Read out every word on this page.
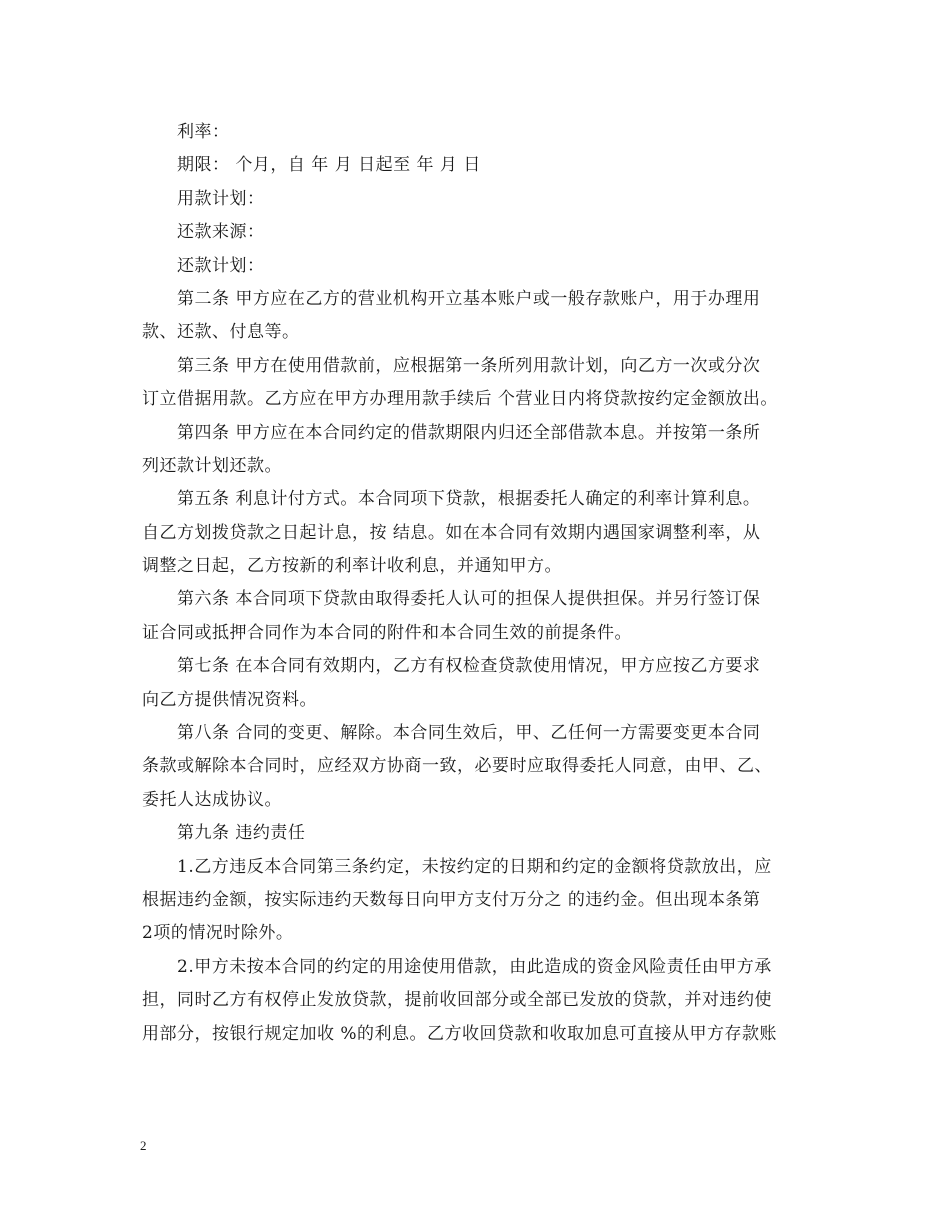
利率：
期限： 个月，自 年 月 日起至 年 月 日
用款计划：
还款来源：
还款计划：
第二条 甲方应在乙方的营业机构开立基本账户或一般存款账户，用于办理用
款、还款、付息等。
第三条 甲方在使用借款前，应根据第一条所列用款计划，向乙方一次或分次
订立借据用款。乙方应在甲方办理用款手续后 个营业日内将贷款按约定金额放出。
第四条 甲方应在本合同约定的借款期限内归还全部借款本息。并按第一条所
列还款计划还款。
第五条 利息计付方式。本合同项下贷款，根据委托人确定的利率计算利息。
自乙方划拨贷款之日起计息，按 结息。如在本合同有效期内遇国家调整利率，从
调整之日起，乙方按新的利率计收利息，并通知甲方。
第六条 本合同项下贷款由取得委托人认可的担保人提供担保。并另行签订保
证合同或抵押合同作为本合同的附件和本合同生效的前提条件。
第七条 在本合同有效期内，乙方有权检查贷款使用情况，甲方应按乙方要求
向乙方提供情况资料。
第八条 合同的变更、解除。本合同生效后，甲、乙任何一方需要变更本合同
条款或解除本合同时，应经双方协商一致，必要时应取得委托人同意，由甲、乙、
委托人达成协议。
第九条 违约责任
1.乙方违反本合同第三条约定，未按约定的日期和约定的金额将贷款放出，应
根据违约金额，按实际违约天数每日向甲方支付万分之 的违约金。但出现本条第
2项的情况时除外。
2.甲方未按本合同的约定的用途使用借款，由此造成的资金风险责任由甲方承
担，同时乙方有权停止发放贷款，提前收回部分或全部已发放的贷款，并对违约使
用部分，按银行规定加收 %的利息。乙方收回贷款和收取加息可直接从甲方存款账
2
